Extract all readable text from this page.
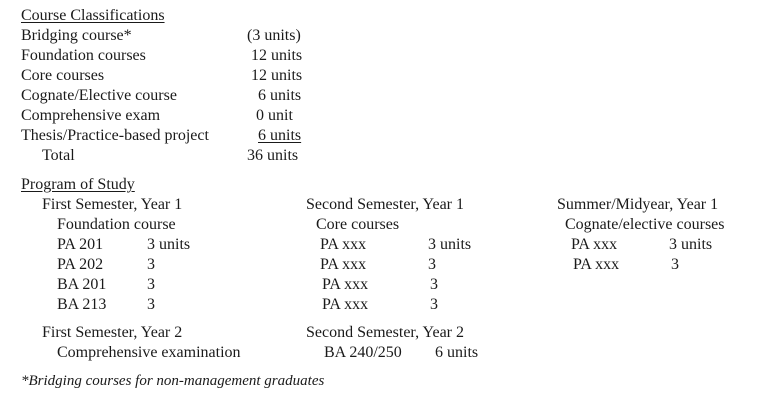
Course Classifications
Bridging course*	(3 units)
Foundation courses	12 units
Core courses	12 units
Cognate/Elective course	6 units
Comprehensive exam	0 unit
Thesis/Practice-based project	6 units
Total	36 units
Program of Study
First Semester, Year 1
Foundation course
PA 201	3 units
PA 202	3
BA 201	3
BA 213	3
Second Semester, Year 1
Core courses
PA xxx	3 units
PA xxx	3
PA xxx	3
PA xxx	3
Summer/Midyear, Year 1
Cognate/elective courses
PA xxx	3 units
PA xxx	3
First Semester, Year 2
Comprehensive examination
Second Semester, Year 2
BA 240/250 6 units
*Bridging courses for non-management graduates
